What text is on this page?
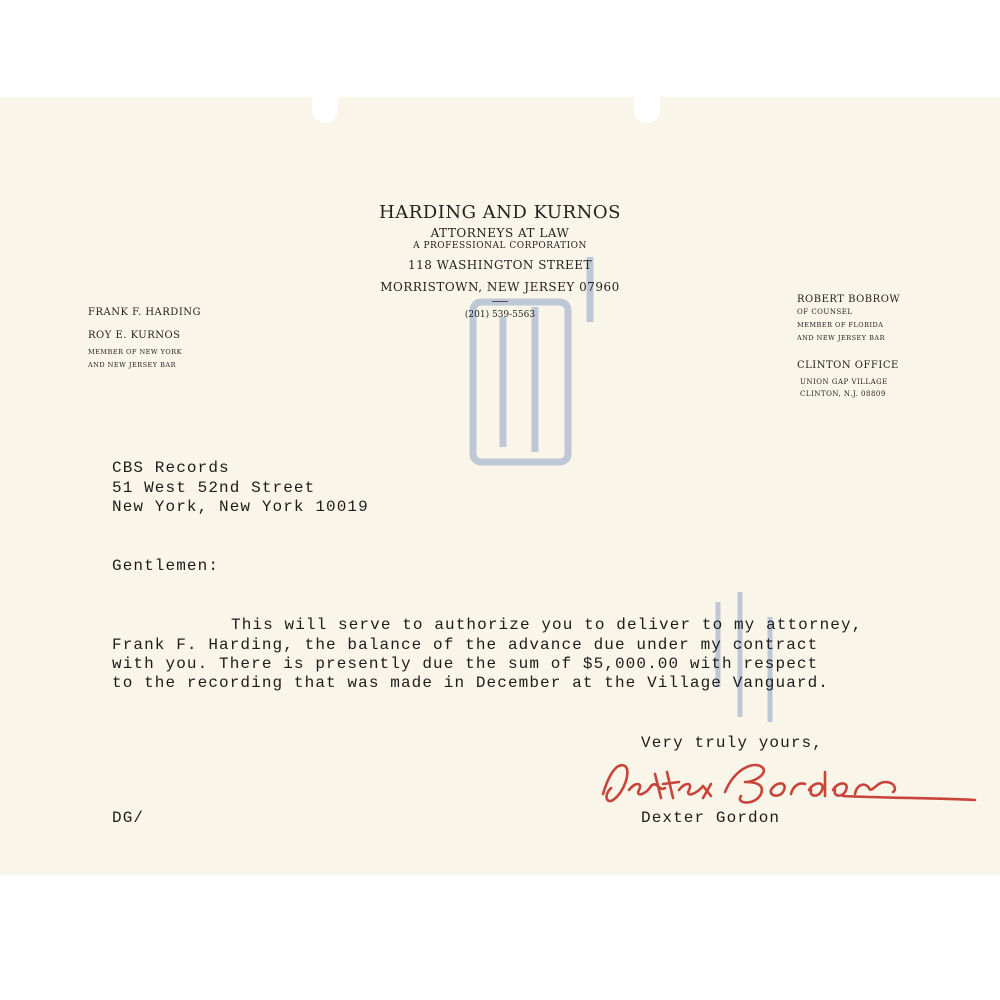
HARDING AND KURNOS
ATTORNEYS AT LAW
A PROFESSIONAL CORPORATION
118 WASHINGTON STREET
MORRISTOWN, NEW JERSEY 07960
(201) 539-5563
FRANK F. HARDING
ROY E. KURNOS
MEMBER OF NEW YORK
AND NEW JERSEY BAR
ROBERT BOBROW
OF COUNSEL
MEMBER OF FLORIDA
AND NEW JERSEY BAR
CLINTON OFFICE
UNION GAP VILLAGE
CLINTON, N.J. 08809
CBS Records
51 West 52nd Street
New York, New York 10019
Gentlemen:
This will serve to authorize you to deliver to my attorney,
Frank F. Harding, the balance of the advance due under my contract
with you. There is presently due the sum of $5,000.00 with respect
to the recording that was made in December at the Village Vanguard.
Very truly yours,
DG/	Dexter Gordon
